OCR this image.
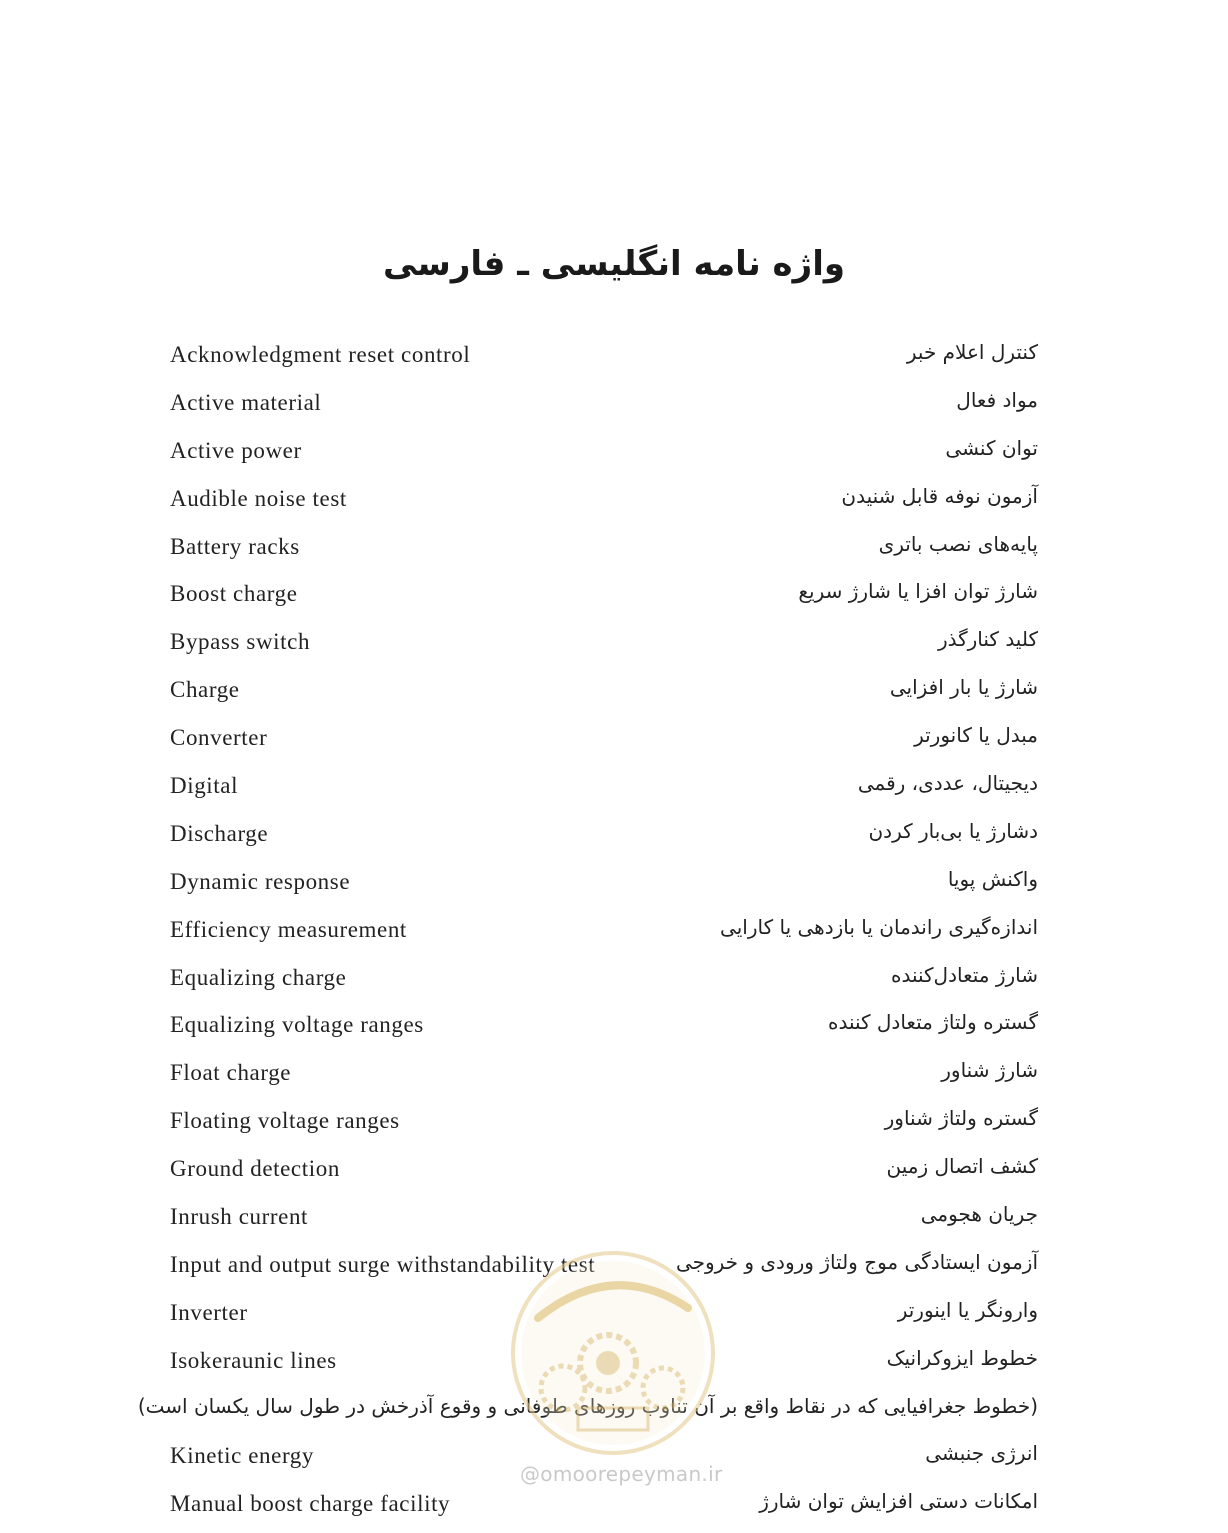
واژه نامه انگلیسی ـ فارسی
Acknowledgment reset control	کنترل اعلام خبر
Active material	مواد فعال
Active power	توان کنشی
Audible noise test	آزمون نوفه قابل شنیدن
Battery racks	پایه‌های نصب باتری
Boost charge	شارژ توان افزا یا شارژ سریع
Bypass switch	کلید کنارگذر
Charge	شارژ یا بار افزایی
Converter	مبدل یا کانورتر
Digital	دیجیتال، عددی، رقمی
Discharge	دشارژ یا بی‌بار کردن
Dynamic response	واکنش پویا
Efficiency measurement	اندازه‌گیری راندمان یا بازدهی یا کارایی
Equalizing charge	شارژ متعادل‌کننده
Equalizing voltage ranges	گستره ولتاژ متعادل کننده
Float charge	شارژ شناور
Floating voltage ranges	گستره ولتاژ شناور
Ground detection	کشف اتصال زمین
Inrush current	جریان هجومی
Input and output surge withstandability test	آزمون ایستادگی موج ولتاژ ورودی و خروجی
Inverter	وارونگر یا اینورتر
Isokeraunic lines	خطوط ایزوکرانیک
(خطوط جغرافیایی که در نقاط واقع بر آن تناوب روزهای طوفانی و وقوع آذرخش در طول سال یکسان است)
Kinetic energy	انرژی جنبشی
Manual boost charge facility	امکانات دستی افزایش توان شارژ
@omoorepeyman.ir
